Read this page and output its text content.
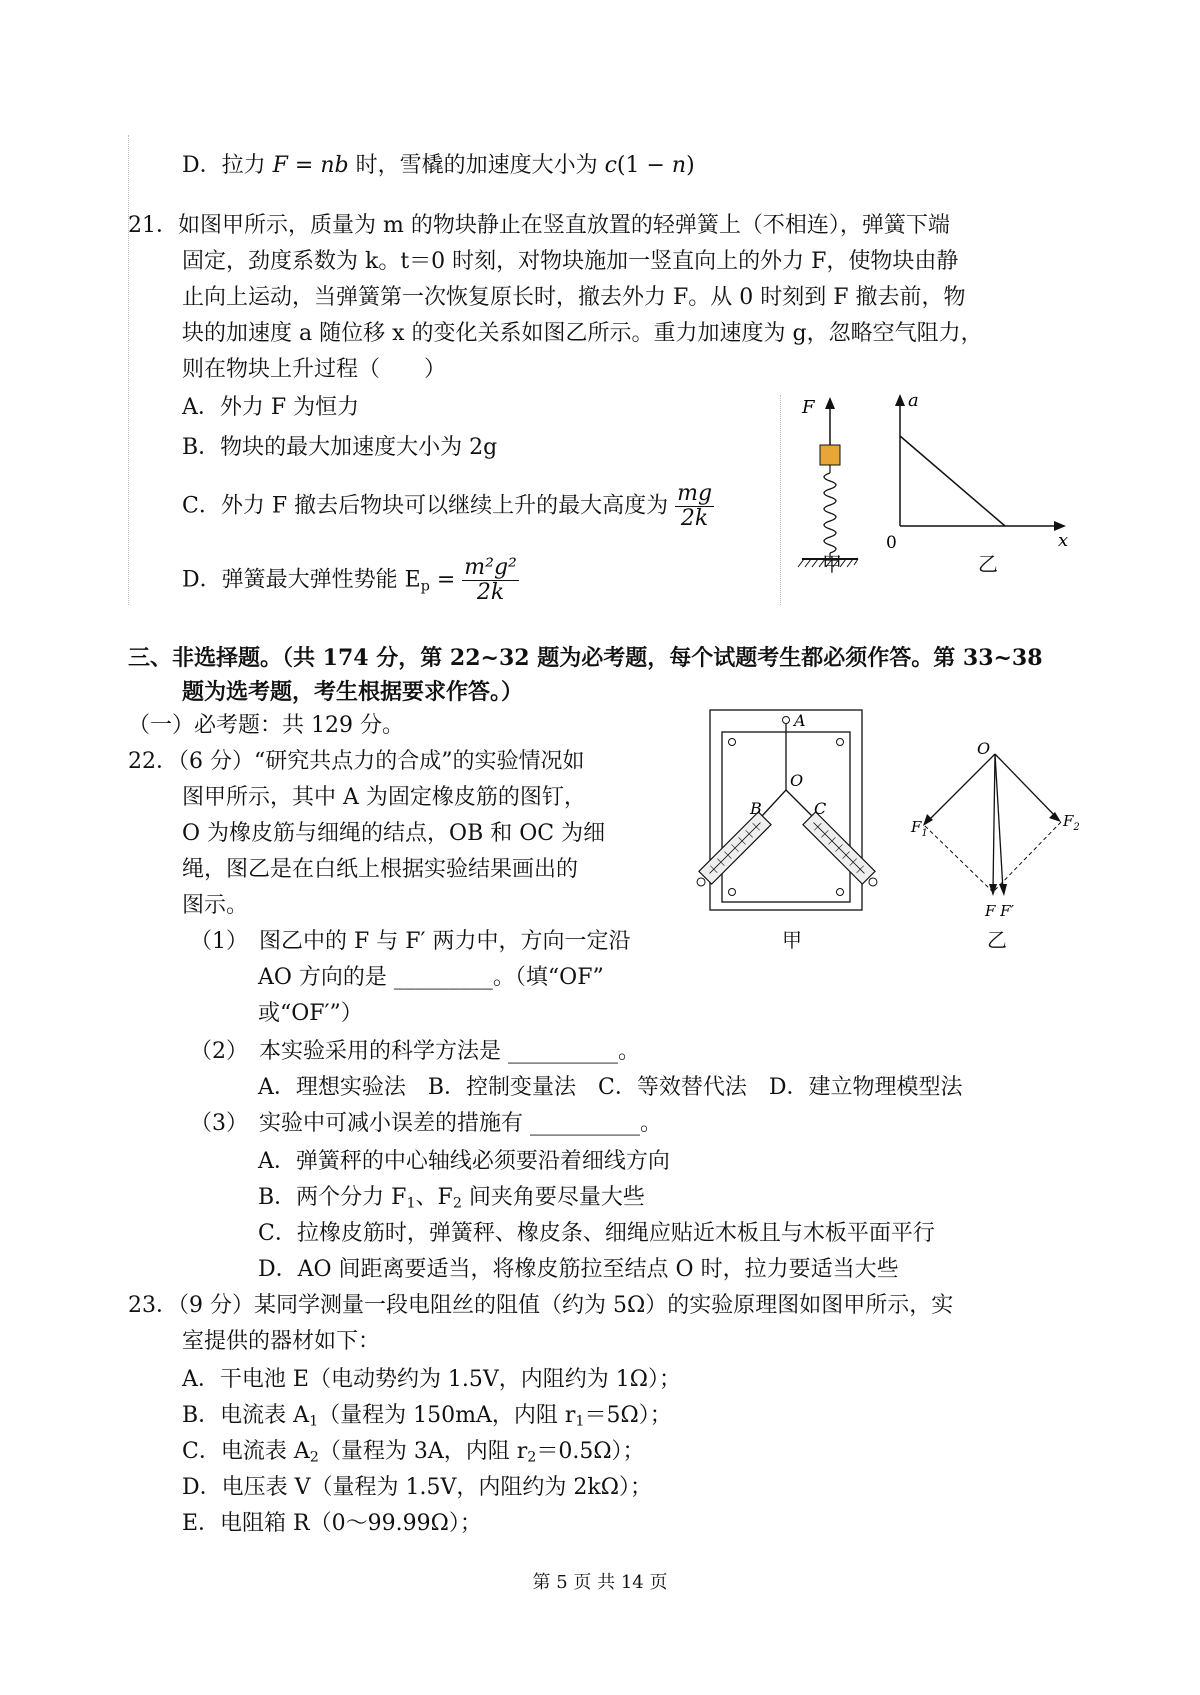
D．拉力 F = nb 时，雪橇的加速度大小为 c(1 − n)
21．如图甲所示，质量为 m 的物块静止在竖直放置的轻弹簧上（不相连），弹簧下端
固定，劲度系数为 k。t＝0 时刻，对物块施加一竖直向上的外力 F，使物块由静
止向上运动，当弹簧第一次恢复原长时，撤去外力 F。从 0 时刻到 F 撤去前，物
块的加速度 a 随位移 x 的变化关系如图乙所示。重力加速度为 g，忽略空气阻力，
则在物块上升过程（　　）
A．外力 F 为恒力
B．物块的最大加速度大小为 2g
C．外力 F 撤去后物块可以继续上升的最大高度为 $\frac{mg}{2k}$
D．弹簧最大弹性势能 $E_p = \frac{\text{m²g²}}{2k}$
F
甲
a
x
0
乙
三、非选择题。（共 174 分，第 22~32 题为必考题，每个试题考生都必须作答。第 33~38
题为选考题，考生根据要求作答。）
（一）必考题：共 129 分。
22．（6 分）“研究共点力的合成”的实验情况如
图甲所示，其中 A 为固定橡皮筋的图钉，
O 为橡皮筋与细绳的结点，OB 和 OC 为细
绳，图乙是在白纸上根据实验结果画出的
图示。
（1）　图乙中的 F 与 F′ 两力中，方向一定沿
AO 方向的是 _________。（填“OF”
或“OF′”）
（2）　本实验采用的科学方法是 __________。
A．理想实验法　B．控制变量法　C．等效替代法　D．建立物理模型法
（3）　实验中可减小误差的措施有 __________。
A．弹簧秤的中心轴线必须要沿着细线方向
B．两个分力 $F_1$、$F_2$ 间夹角要尽量大些
C．拉橡皮筋时，弹簧秤、橡皮条、细绳应贴近木板且与木板平面平行
D．AO 间距离要适当，将橡皮筋拉至结点 O 时，拉力要适当大些
A
O
B	C
甲
O
$F_1$
$F_2$
F F′
乙
23．（9 分）某同学测量一段电阻丝的阻值（约为 5Ω）的实验原理图如图甲所示，实
室提供的器材如下：
A．干电池 E（电动势约为 1.5V，内阻约为 1Ω）；
B．电流表 $A_1$（量程为 150mA，内阻 $r_1=5\Omega$）；
C．电流表 $A_2$（量程为 3A，内阻 $r_2=0.5\Omega$）；
D．电压表 V（量程为 1.5V，内阻约为 2kΩ）；
E．电阻箱 R（0～99.99Ω）；
第 5 页 共 14 页
